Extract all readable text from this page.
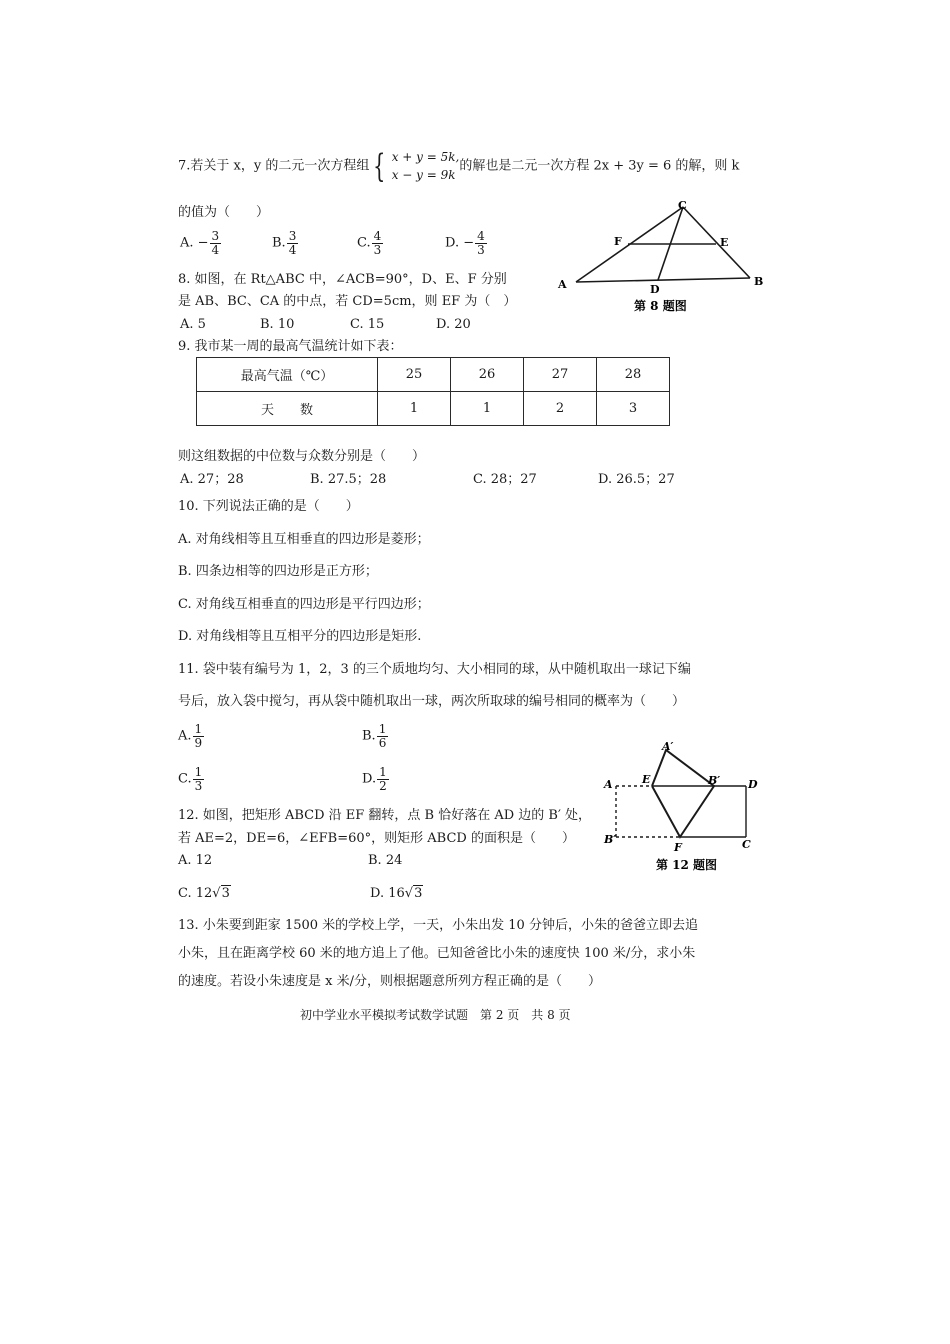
7.若关于 x，y 的二元一次方程组 { x + y = 5k,
x − y = 9k
的解也是二元一次方程 2x + 3y = 6 的解，则 k
的值为（　　）
A. − $\frac{3}{4}$	B. $\frac{3}{4}$	C. $\frac{4}{3}$	D. − $\frac{4}{3}$
8. 如图，在 Rt△ABC 中，∠ACB=90°，D、E、F 分别
是 AB、BC、CA 的中点，若 CD=5cm，则 EF 为（　）
A. 5	B. 10	C. 15	D. 20
C
F	E
A	D
B
第 8 题图
9. 我市某一周的最高气温统计如下表：
最高气温（℃）	25	26	27	28
天　　数	1	1	2	3
则这组数据的中位数与众数分别是（　　）
A. 27；28	B. 27.5；28	C. 28；27	D. 26.5；27
10. 下列说法正确的是（　　）
A. 对角线相等且互相垂直的四边形是菱形；
B. 四条边相等的四边形是正方形；
C. 对角线互相垂直的四边形是平行四边形；
D. 对角线相等且互相平分的四边形是矩形.
11. 袋中装有编号为 1，2，3 的三个质地均匀、大小相同的球，从中随机取出一球记下编
号后，放入袋中搅匀，再从袋中随机取出一球，两次所取球的编号相同的概率为（　　）
A. $\frac{1}{9}$	B. $\frac{1}{6}$
C. $\frac{1}{3}$	D. $\frac{1}{2}$
12. 如图，把矩形 ABCD 沿 EF 翻转，点 B 恰好落在 AD 边的 B′ 处，
若 AE=2，DE=6，∠EFB=60°，则矩形 ABCD 的面积是（　　）
A. 12	B. 24
C. 12√3	D. 16√3
A′
A	E	B′	D
B′
F	C
第 12 题图
13. 小朱要到距家 1500 米的学校上学，一天，小朱出发 10 分钟后，小朱的爸爸立即去追
小朱，且在距离学校 60 米的地方追上了他。已知爸爸比小朱的速度快 100 米/分，求小朱
的速度。若设小朱速度是 x 米/分，则根据题意所列方程正确的是（　　）
初中学业水平模拟考试数学试题　第 2 页　共 8 页
